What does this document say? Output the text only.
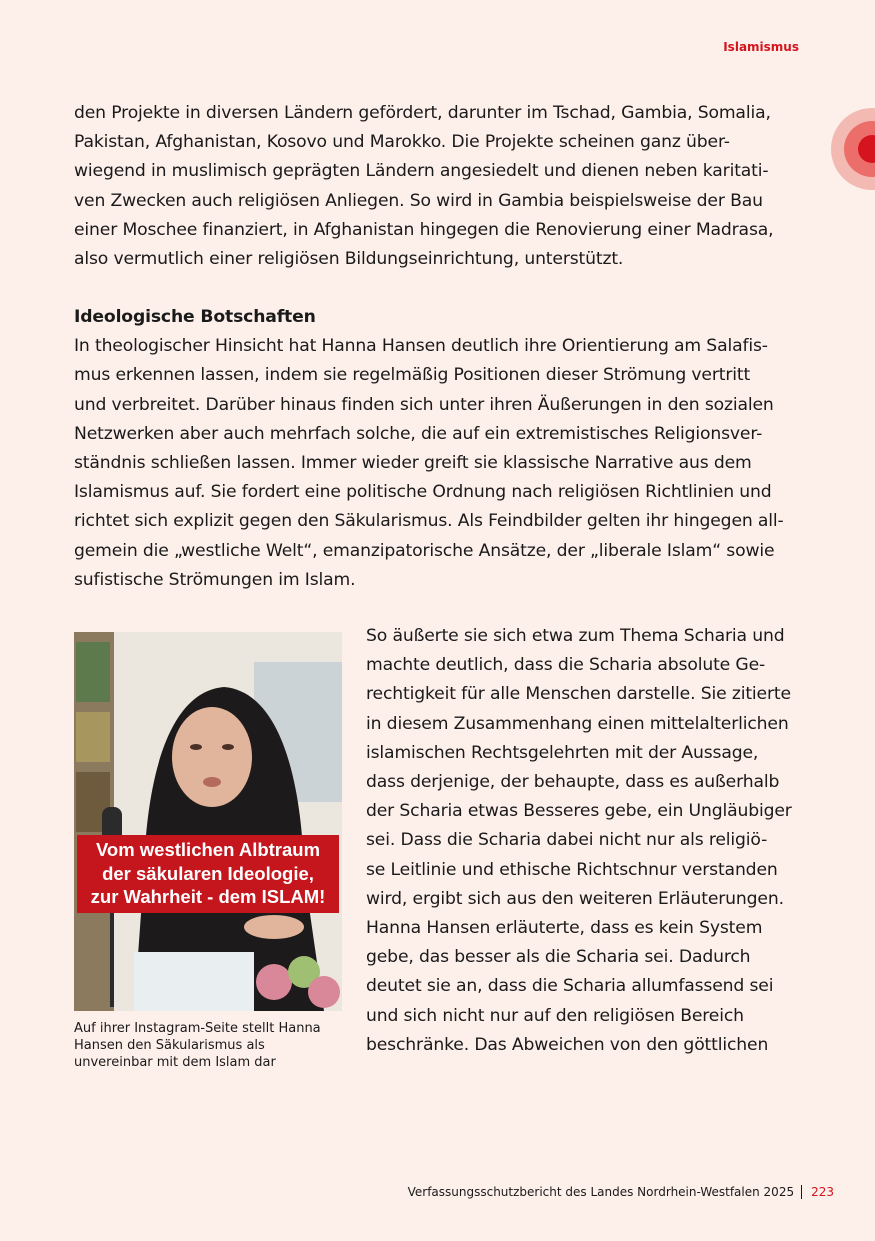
Islamismus

den Projekte in diversen Ländern gefördert, darunter im Tschad, Gambia, Somalia,
Pakistan, Afghanistan, Kosovo und Marokko. Die Projekte scheinen ganz über-
wiegend in muslimisch geprägten Ländern angesiedelt und dienen neben karitati-
ven Zwecken auch religiösen Anliegen. So wird in Gambia beispielsweise der Bau
einer Moschee finanziert, in Afghanistan hingegen die Renovierung einer Madrasa,
also vermutlich einer religiösen Bildungseinrichtung, unterstützt.

Ideologische Botschaften

In theologischer Hinsicht hat Hanna Hansen deutlich ihre Orientierung am Salafis-
mus erkennen lassen, indem sie regelmäßig Positionen dieser Strömung vertritt
und verbreitet. Darüber hinaus finden sich unter ihren Äußerungen in den sozialen
Netzwerken aber auch mehrfach solche, die auf ein extremistisches Religionsver-
ständnis schließen lassen. Immer wieder greift sie klassische Narrative aus dem
Islamismus auf. Sie fordert eine politische Ordnung nach religiösen Richtlinien und
richtet sich explizit gegen den Säkularismus. Als Feindbilder gelten ihr hingegen all-
gemein die „westliche Welt“, emanzipatorische Ansätze, der „liberale Islam“ sowie
sufistische Strömungen im Islam.

Vom westlichen Albtraum
der säkularen Ideologie,
zur Wahrheit - dem ISLAM!
Auf ihrer Instagram-Seite stellt Hanna
Hansen den Säkularismus als
unvereinbar mit dem Islam dar

So äußerte sie sich etwa zum Thema Scharia und
machte deutlich, dass die Scharia absolute Ge-
rechtigkeit für alle Menschen darstelle. Sie zitierte
in diesem Zusammenhang einen mittelalterlichen
islamischen Rechtsgelehrten mit der Aussage,
dass derjenige, der behaupte, dass es außerhalb
der Scharia etwas Besseres gebe, ein Ungläubiger
sei. Dass die Scharia dabei nicht nur als religiö-
se Leitlinie und ethische Richtschnur verstanden
wird, ergibt sich aus den weiteren Erläuterungen.
Hanna Hansen erläuterte, dass es kein System
gebe, das besser als die Scharia sei. Dadurch
deutet sie an, dass die Scharia allumfassend sei
und sich nicht nur auf den religiösen Bereich
beschränke. Das Abweichen von den göttlichen

Verfassungsschutzbericht des Landes Nordrhein-Westfalen 2025 223
